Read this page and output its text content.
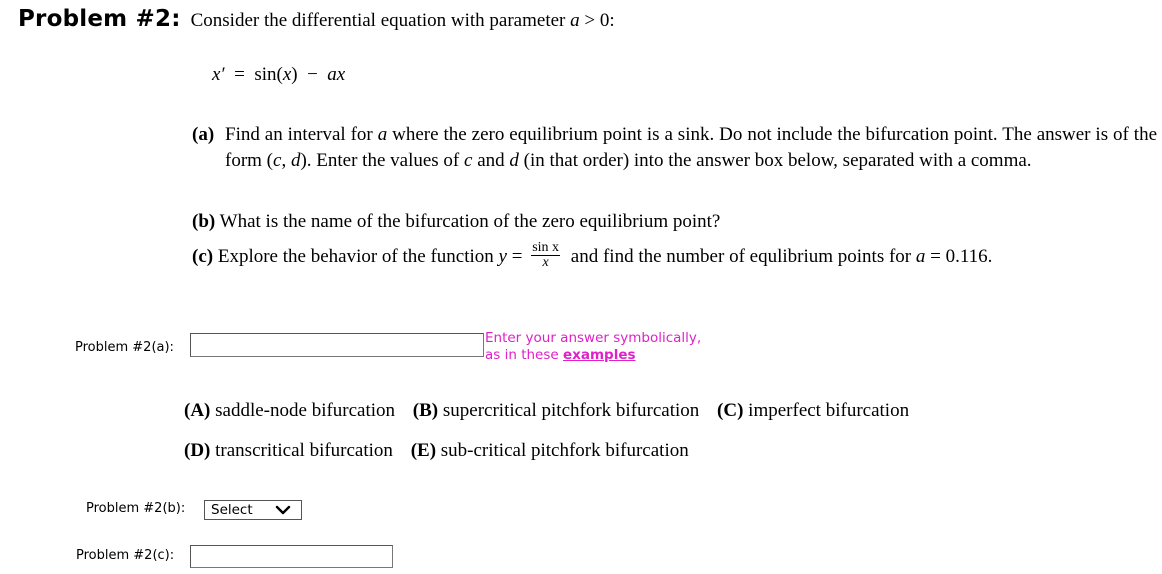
Problem #2: Consider the differential equation with parameter a > 0:
x′  =  sin(x) − ax
(a) Find an interval for a where the zero equilibrium point is a sink. Do not include the bifurcation point. The answer is of the form (c, d). Enter the values of c and d (in that order) into the answer box below, separated with a comma.
(b) What is the name of the bifurcation of the zero equilibrium point?
(c) Explore the behavior of the function $y = \frac{\text{sin x}}{x}$ and find the number of equlibrium points for a = 0.116.
Problem #2(a):
Enter your answer symbolically,
as in these examples
(A) saddle-node bifurcation (B) supercritical pitchfork bifurcation (C) imperfect bifurcation
(D) transcritical bifurcation (E) sub-critical pitchfork bifurcation
Problem #2(b):	Select
Problem #2(c):
